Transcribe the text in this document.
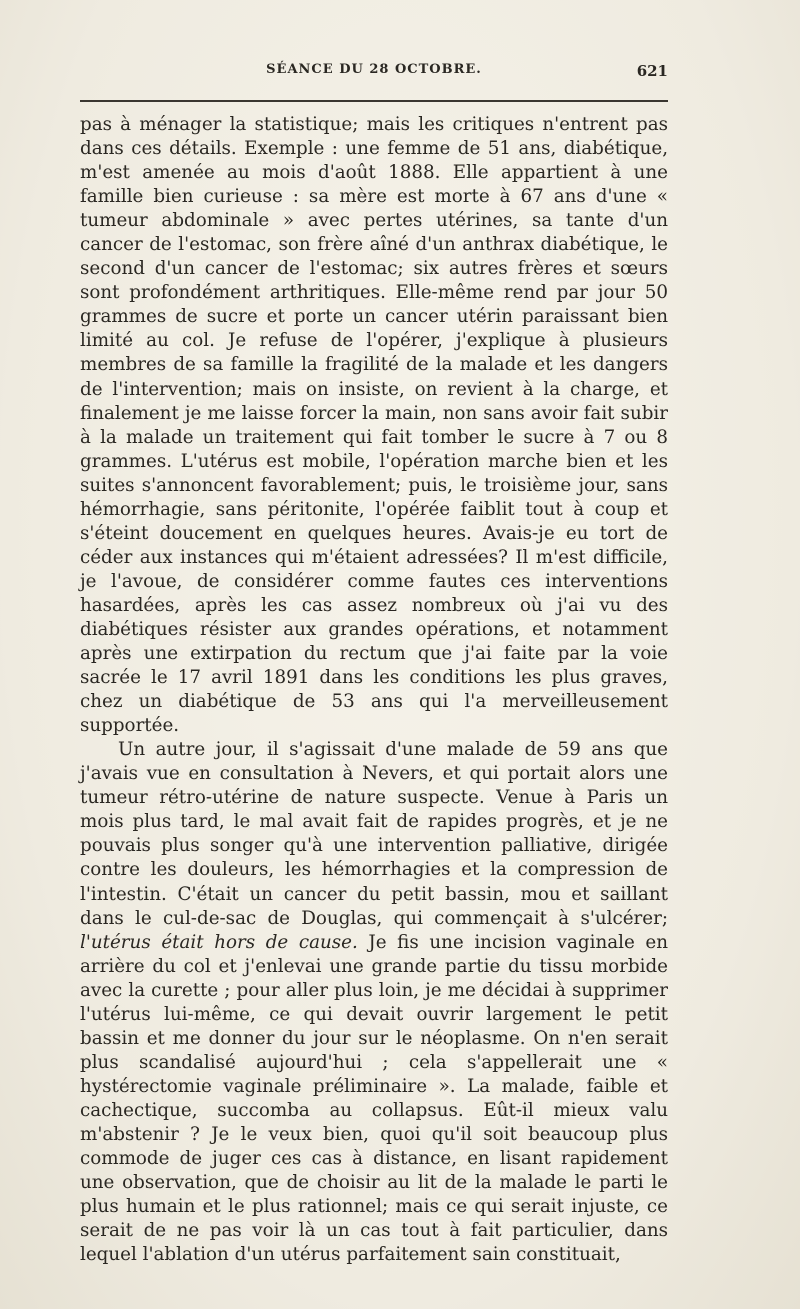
SÉANCE DU 28 OCTOBRE.	621

pas à ménager la statistique; mais les critiques n'entrent pas dans ces détails. Exemple : une femme de 51 ans, diabétique, m'est amenée au mois d'août 1888. Elle appartient à une famille bien curieuse : sa mère est morte à 67 ans d'une « tumeur abdominale » avec pertes utérines, sa tante d'un cancer de l'estomac, son frère aîné d'un anthrax diabétique, le second d'un cancer de l'estomac; six autres frères et sœurs sont profondément arthritiques. Elle-même rend par jour 50 grammes de sucre et porte un cancer utérin paraissant bien limité au col. Je refuse de l'opérer, j'explique à plusieurs membres de sa famille la fragilité de la malade et les dangers de l'intervention; mais on insiste, on revient à la charge, et finalement je me laisse forcer la main, non sans avoir fait subir à la malade un traitement qui fait tomber le sucre à 7 ou 8 grammes. L'utérus est mobile, l'opération marche bien et les suites s'annoncent favorablement; puis, le troisième jour, sans hémorrhagie, sans péritonite, l'opérée faiblit tout à coup et s'éteint doucement en quelques heures. Avais-je eu tort de céder aux instances qui m'étaient adressées? Il m'est difficile, je l'avoue, de considérer comme fautes ces interventions hasardées, après les cas assez nombreux où j'ai vu des diabétiques résister aux grandes opérations, et notamment après une extirpation du rectum que j'ai faite par la voie sacrée le 17 avril 1891 dans les conditions les plus graves, chez un diabétique de 53 ans qui l'a merveilleusement supportée.

Un autre jour, il s'agissait d'une malade de 59 ans que j'avais vue en consultation à Nevers, et qui portait alors une tumeur rétro-utérine de nature suspecte. Venue à Paris un mois plus tard, le mal avait fait de rapides progrès, et je ne pouvais plus songer qu'à une intervention palliative, dirigée contre les douleurs, les hémorrhagies et la compression de l'intestin. C'était un cancer du petit bassin, mou et saillant dans le cul-de-sac de Douglas, qui commençait à s'ulcérer; l'utérus était hors de cause. Je fis une incision vaginale en arrière du col et j'enlevai une grande partie du tissu morbide avec la curette ; pour aller plus loin, je me décidai à supprimer l'utérus lui-même, ce qui devait ouvrir largement le petit bassin et me donner du jour sur le néoplasme. On n'en serait plus scandalisé aujourd'hui ; cela s'appellerait une « hystérectomie vaginale préliminaire ». La malade, faible et cachectique, succomba au collapsus. Eût-il mieux valu m'abstenir ? Je le veux bien, quoi qu'il soit beaucoup plus commode de juger ces cas à distance, en lisant rapidement une observation, que de choisir au lit de la malade le parti le plus humain et le plus rationnel; mais ce qui serait injuste, ce serait de ne pas voir là un cas tout à fait particulier, dans lequel l'ablation d'un utérus parfaitement sain constituait,
